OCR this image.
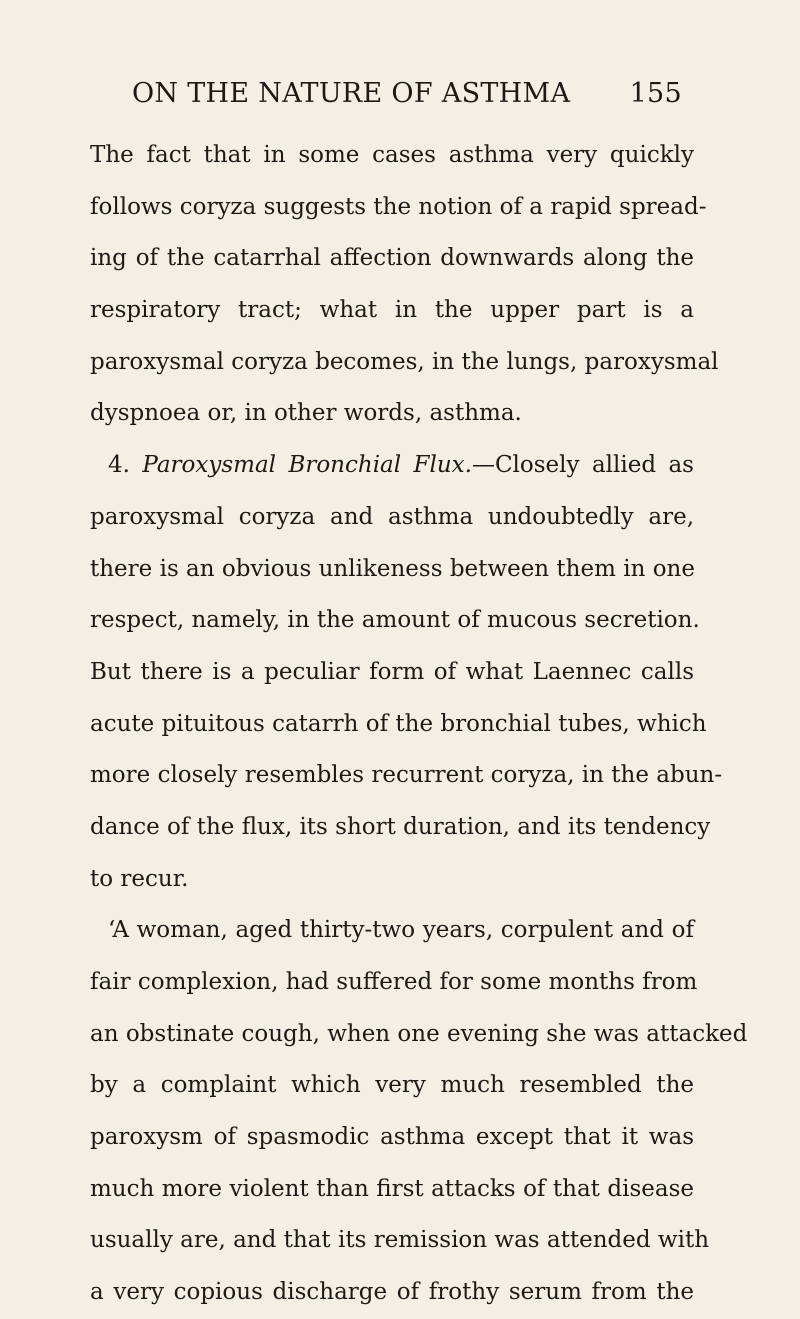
ON THE NATURE OF ASTHMA 155
The fact that in some cases asthma very quickly
follows coryza suggests the notion of a rapid spread-
ing of the catarrhal affection downwards along the
respiratory tract; what in the upper part is a
paroxysmal coryza becomes, in the lungs, paroxysmal
dyspnoea or, in other words, asthma.
4. Paroxysmal Bronchial Flux.—Closely allied as
paroxysmal coryza and asthma undoubtedly are,
there is an obvious unlikeness between them in one
respect, namely, in the amount of mucous secretion.
But there is a peculiar form of what Laennec calls
acute pituitous catarrh of the bronchial tubes, which
more closely resembles recurrent coryza, in the abun-
dance of the flux, its short duration, and its tendency
to recur.
‘A woman, aged thirty-two years, corpulent and of
fair complexion, had suffered for some months from
an obstinate cough, when one evening she was attacked
by a complaint which very much resembled the
paroxysm of spasmodic asthma except that it was
much more violent than first attacks of that disease
usually are, and that its remission was attended with
a very copious discharge of frothy serum from the
